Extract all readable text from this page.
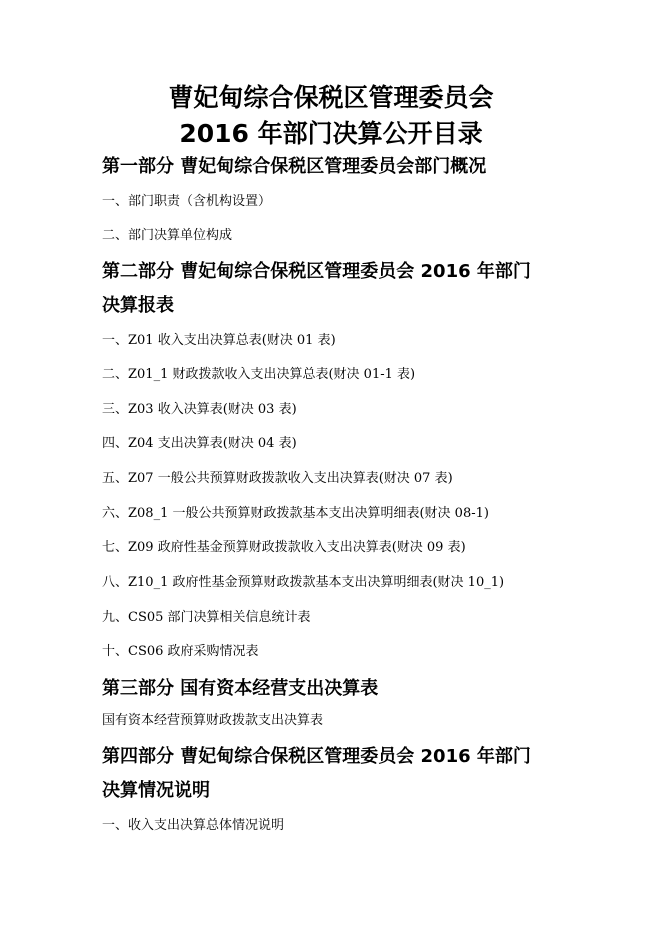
曹妃甸综合保税区管理委员会
2016 年部门决算公开目录
第一部分 曹妃甸综合保税区管理委员会部门概况
一、部门职责（含机构设置）
二、部门决算单位构成
第二部分 曹妃甸综合保税区管理委员会 2016 年部门
决算报表
一、Z01 收入支出决算总表(财决 01 表)
二、Z01_1 财政拨款收入支出决算总表(财决 01-1 表)
三、Z03 收入决算表(财决 03 表)
四、Z04 支出决算表(财决 04 表)
五、Z07 一般公共预算财政拨款收入支出决算表(财决 07 表)
六、Z08_1 一般公共预算财政拨款基本支出决算明细表(财决 08-1)
七、Z09 政府性基金预算财政拨款收入支出决算表(财决 09 表)
八、Z10_1 政府性基金预算财政拨款基本支出决算明细表(财决 10_1)
九、CS05 部门决算相关信息统计表
十、CS06 政府采购情况表
第三部分 国有资本经营支出决算表
国有资本经营预算财政拨款支出决算表
第四部分 曹妃甸综合保税区管理委员会 2016 年部门
决算情况说明
一、收入支出决算总体情况说明
